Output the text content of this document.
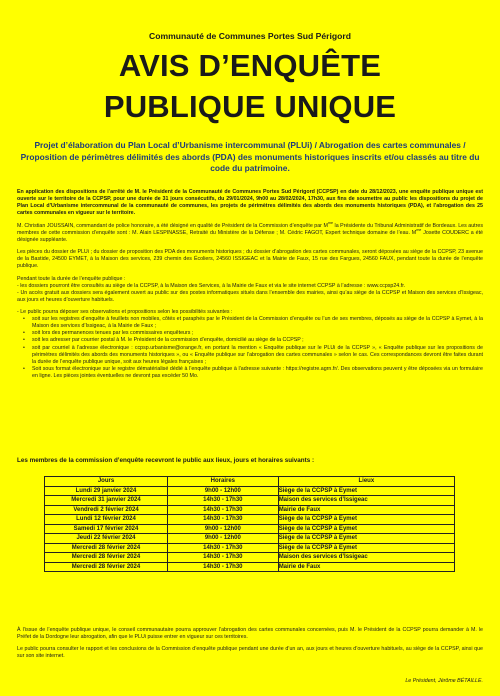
Communauté de Communes Portes Sud Périgord
AVIS D’ENQUÊTE
PUBLIQUE UNIQUE
Projet d’élaboration du Plan Local d’Urbanisme intercommunal (PLUi) / Abrogation des cartes communales / Proposition de périmètres délimités des abords (PDA) des monuments historiques inscrits et/ou classés au titre du code du patrimoine.

En application des dispositions de l’arrêté de M. le Président de la Communauté de Communes Portes Sud Périgord (CCPSP) en date du 28/12/2023, une enquête publique unique est ouverte sur le territoire de la CCPSP, pour une durée de 31 jours consécutifs, du 29/01/2024, 9h00 au 28/02/2024, 17h30, aux fins de soumettre au public les dispositions du projet de Plan Local d’Urbanisme intercommunal de la communauté de communes, les projets de périmètres délimités des abords des monuments historiques (PDA), et l’abrogation des 25 cartes communales en vigueur sur le territoire.

M. Christian JOUSSAIN, commandant de police honoraire, a été désigné en qualité de Président de la Commission d’enquête par $M^{me}$ la Présidente du Tribunal Administratif de Bordeaux. Les autres membres de cette commission d’enquête sont : M. Alain LESPINASSE, Retraité du Ministère de la Défense ; M. Cédric FAGOT, Expert technique domaine de l’eau. $M^{me}$ Josette COUDERC a été désignée suppléante.

Les pièces du dossier de PLUi ; du dossier de proposition des PDA des monuments historiques ; du dossier d’abrogation des cartes communales, seront déposées au siège de la CCPSP, 23 avenue de la Bastide, 24500 EYMET, à la Maison des services, 239 chemin des Écoliers, 24560 ISSIGEAC et la Mairie de Faux, 15 rue des Fargues, 24560 FAUX, pendant toute la durée de l’enquête publique.

Pendant toute la durée de l’enquête publique :
- les dossiers pourront être consultés au siège de la CCPSP, à la Maison des Services, à la Mairie de Faux et via le site internet CCPSP à l’adresse : www.ccpsp24.fr.
- Un accès gratuit aux dossiers sera également ouvert au public sur des postes informatiques situés dans l’ensemble des mairies, ainsi qu’au siège de la CCPSP et Maison des services d’Issigeac, aux jours et heures d’ouverture habituels.

- Le public pourra déposer ses observations et propositions selon les possibilités suivantes :
• soit sur les registres d’enquête à feuillets non mobiles, côtés et paraphés par le Président de la Commission d’enquête ou l’un de ses membres, déposés au siège de la CCPSP à Eymet, à la Maison des services d’Issigeac, à la Mairie de Faux ;
• soit lors des permanences tenues par les commissaires enquêteurs ;
• soit les adresser par courrier postal à M. le Président de la commission d’enquête, domicilié au siège de la CCPSP ;
• soit par courriel à l’adresse électronique : ccpsp.urbanisme@orange.fr, en portant la mention « Enquête publique sur le PLUi de la CCPSP », « Enquête publique sur les propositions de périmètres délimités des abords des monuments historiques », ou « Enquête publique sur l’abrogation des cartes communales » selon le cas. Ces correspondances devront être faites durant la durée de l’enquête publique unique, soit aux heures légales françaises ;
• Soit sous format électronique sur le registre dématérialisé dédié à l’enquête publique à l’adresse suivante : https://registre.agrn.fr/. Des observations peuvent y être déposées via un formulaire en ligne. Les pièces jointes éventuelles ne devront pas excéder 50 Mo.
Les membres de la commission d’enquête recevront le public aux lieux, jours et horaires suivants :
Jours	Horaires	Lieux
Lundi 29 janvier 2024	9h00 - 12h00	Siège de la CCPSP à Eymet
Mercredi 31 janvier 2024	14h30 - 17h30	Maison des services d’Issigeac
Vendredi 2 février 2024	14h30 - 17h30	Mairie de Faux
Lundi 12 février 2024	14h30 - 17h30	Siège de la CCPSP à Eymet
Samedi 17 février 2024	9h00 - 12h00	Siège de la CCPSP à Eymet
Jeudi 22 février 2024	9h00 - 12h00	Siège de la CCPSP à Eymet
Mercredi 28 février 2024	14h30 - 17h30	Siège de la CCPSP à Eymet
Mercredi 28 février 2024	14h30 - 17h30	Maison des services d’Issigeac
Mercredi 28 février 2024	14h30 - 17h30	Mairie de Faux

À l’issue de l’enquête publique unique, le conseil communautaire pourra approuver l’abrogation des cartes communales concernées, puis M. le Président de la CCPSP pourra demander à M. le Préfet de la Dordogne leur abrogation, afin que le PLUi puisse entrer en vigueur sur ces territoires.

Le public pourra consulter le rapport et les conclusions de la Commission d’enquête publique pendant une durée d’un an, aux jours et heures d’ouverture habituels, au siège de la CCPSP, ainsi que sur son site internet.

Le Président, Jérôme BÉTAILLE.
